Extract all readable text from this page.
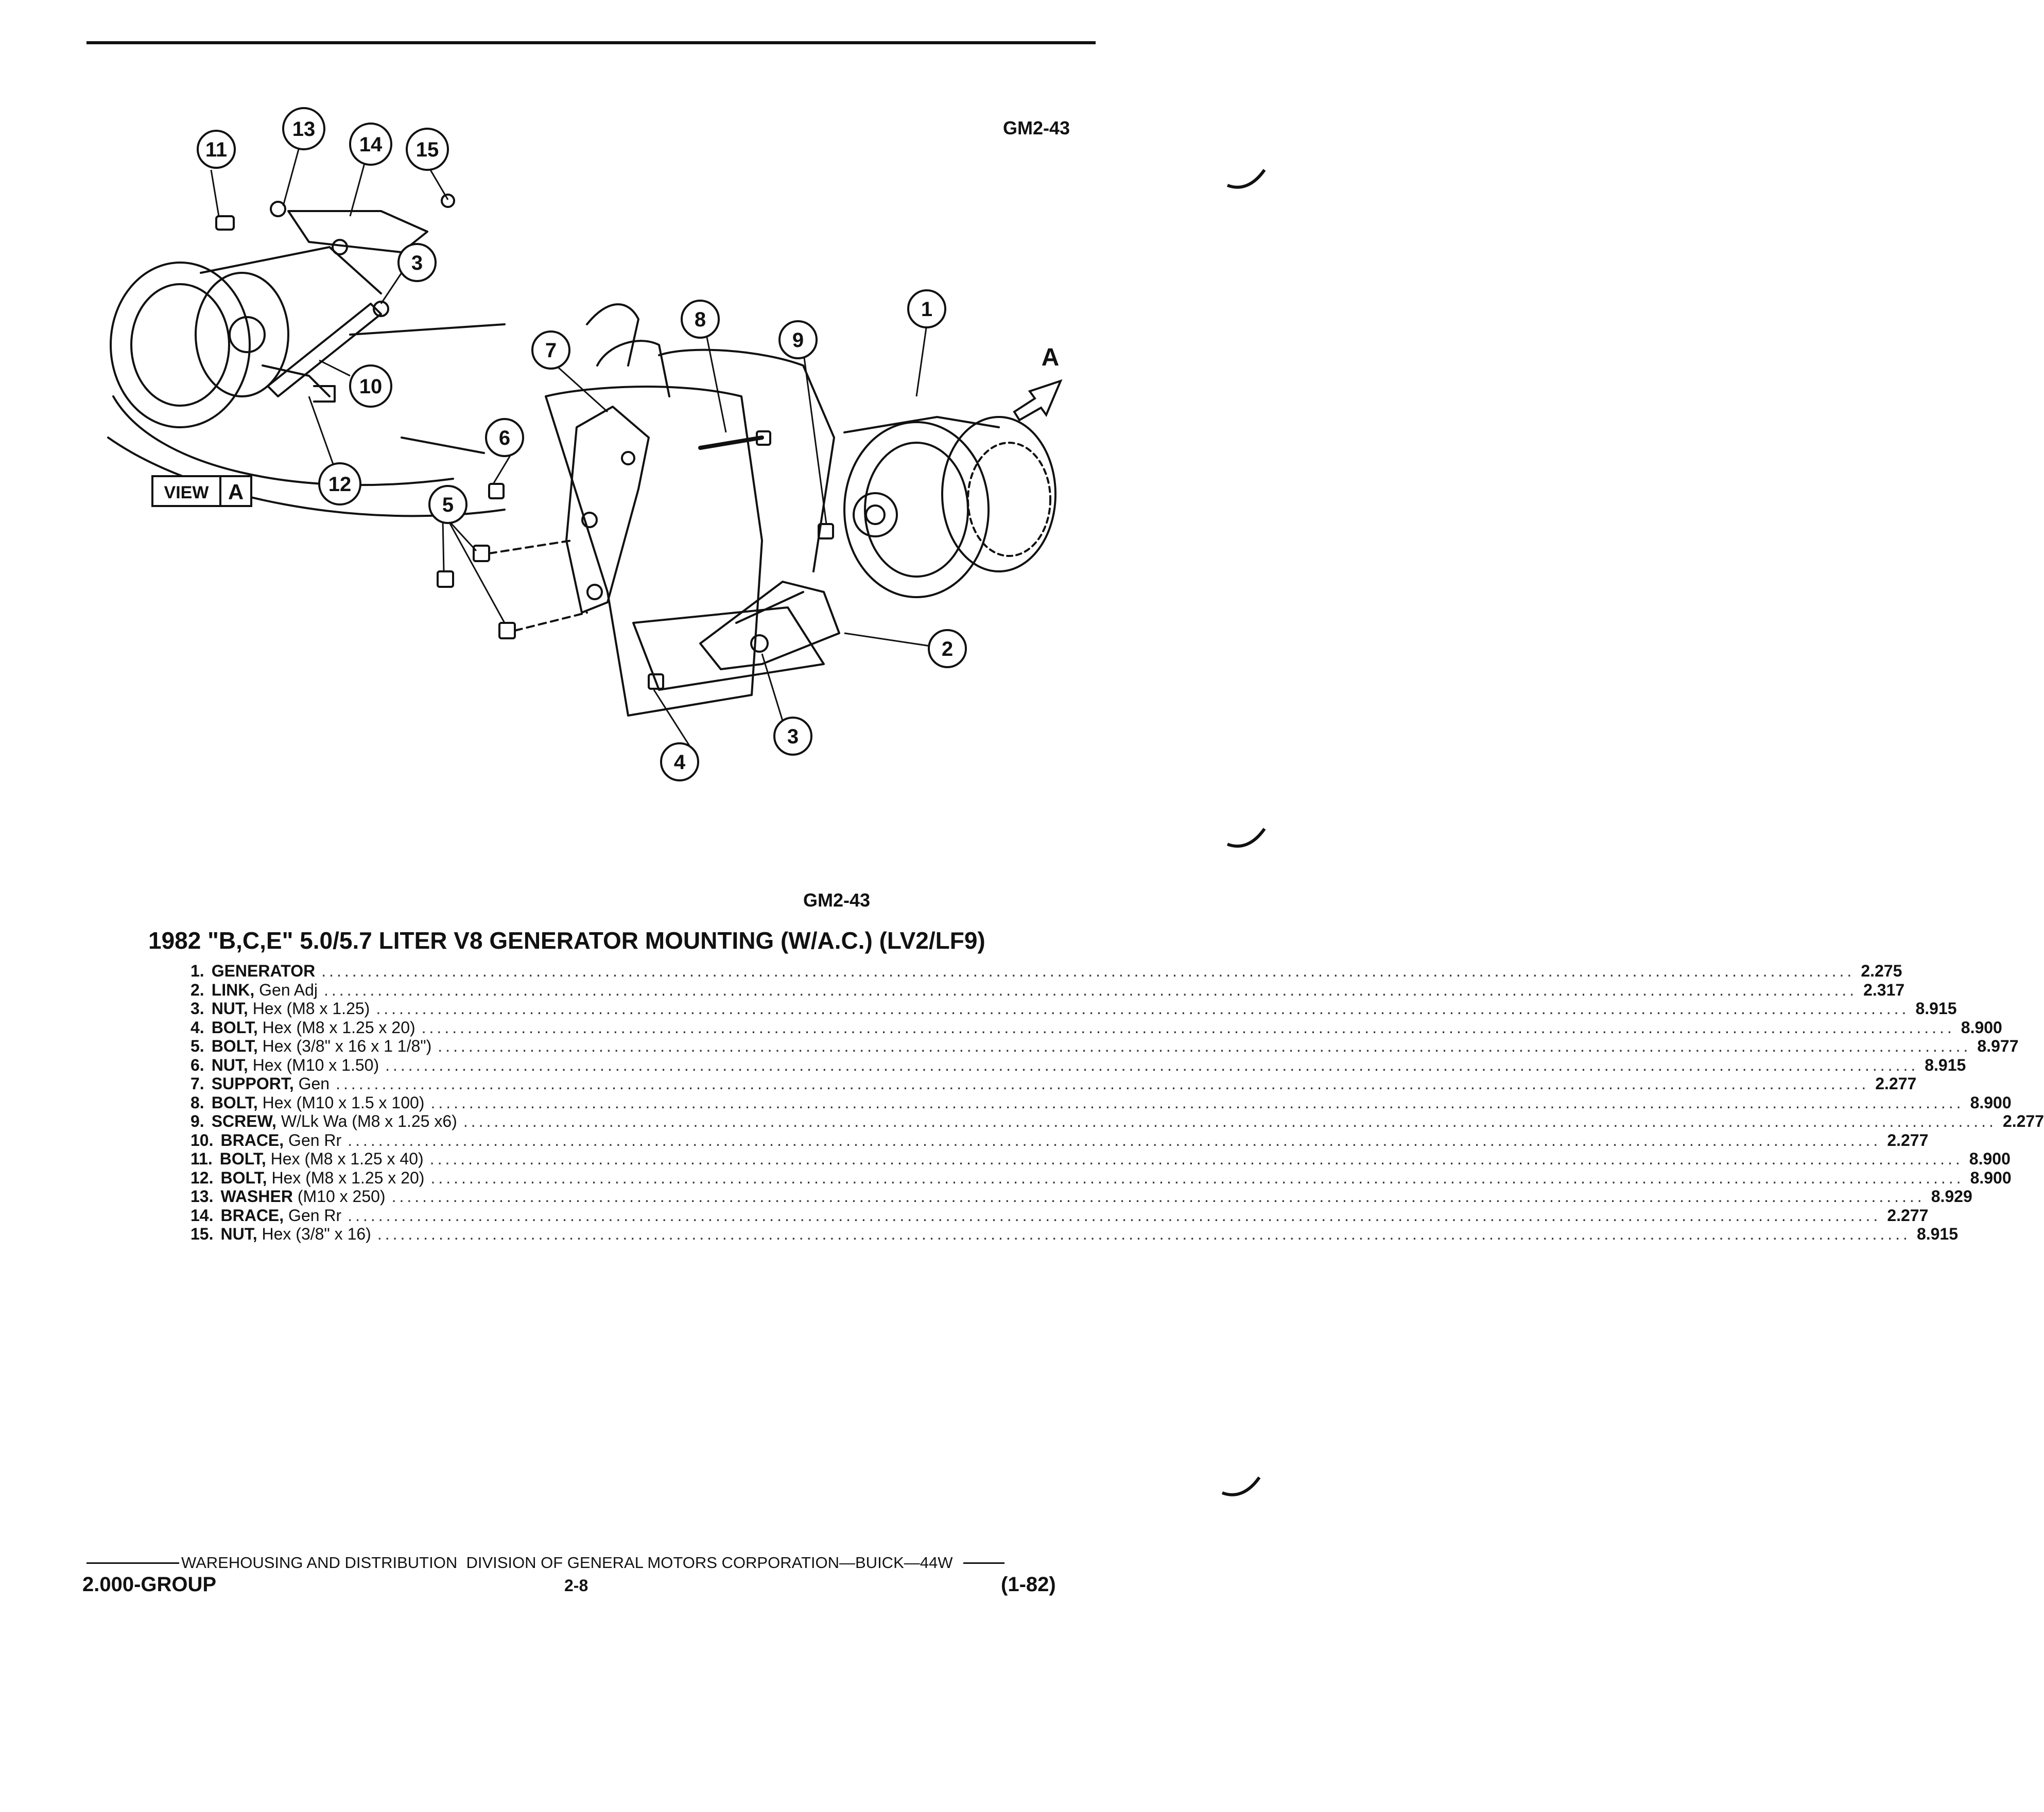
GM2-43
1
2
3
3
4
5
6
7
8
9
10
11
13
14 15
12
VIEW A
A
GM2-43
1982 "B,C,E" 5.0/5.7 LITER V8 GENERATOR MOUNTING (W/A.C.) (LV2/LF9)
1. GENERATOR ........................................................................................................................................................................................................ 2.275
2. LINK, Gen Adj ........................................................................................................................................................................................................ 2.317
3. NUT, Hex (M8 x 1.25) ........................................................................................................................................................................................................ 8.915
4. BOLT, Hex (M8 x 1.25 x 20) ........................................................................................................................................................................................................ 8.900
5. BOLT, Hex (3/8" x 16 x 1 1/8") ........................................................................................................................................................................................................ 8.977
6. NUT, Hex (M10 x 1.50) ........................................................................................................................................................................................................ 8.915
7. SUPPORT, Gen ........................................................................................................................................................................................................ 2.277
8. BOLT, Hex (M10 x 1.5 x 100) ........................................................................................................................................................................................................ 8.900
9. SCREW, W/Lk Wa (M8 x 1.25 x6) ........................................................................................................................................................................................................ 2.277
10. BRACE, Gen Rr ........................................................................................................................................................................................................ 2.277
11. BOLT, Hex (M8 x 1.25 x 40) ........................................................................................................................................................................................................ 8.900
12. BOLT, Hex (M8 x 1.25 x 20) ........................................................................................................................................................................................................ 8.900
13. WASHER (M10 x 250) ........................................................................................................................................................................................................ 8.929
14. BRACE, Gen Rr ........................................................................................................................................................................................................ 2.277
15. NUT, Hex (3/8" x 16) ........................................................................................................................................................................................................ 8.915
WAREHOUSING AND DISTRIBUTION  DIVISION OF GENERAL MOTORS CORPORATION—BUICK—44W
2.000-GROUP	2-8	(1-82)
